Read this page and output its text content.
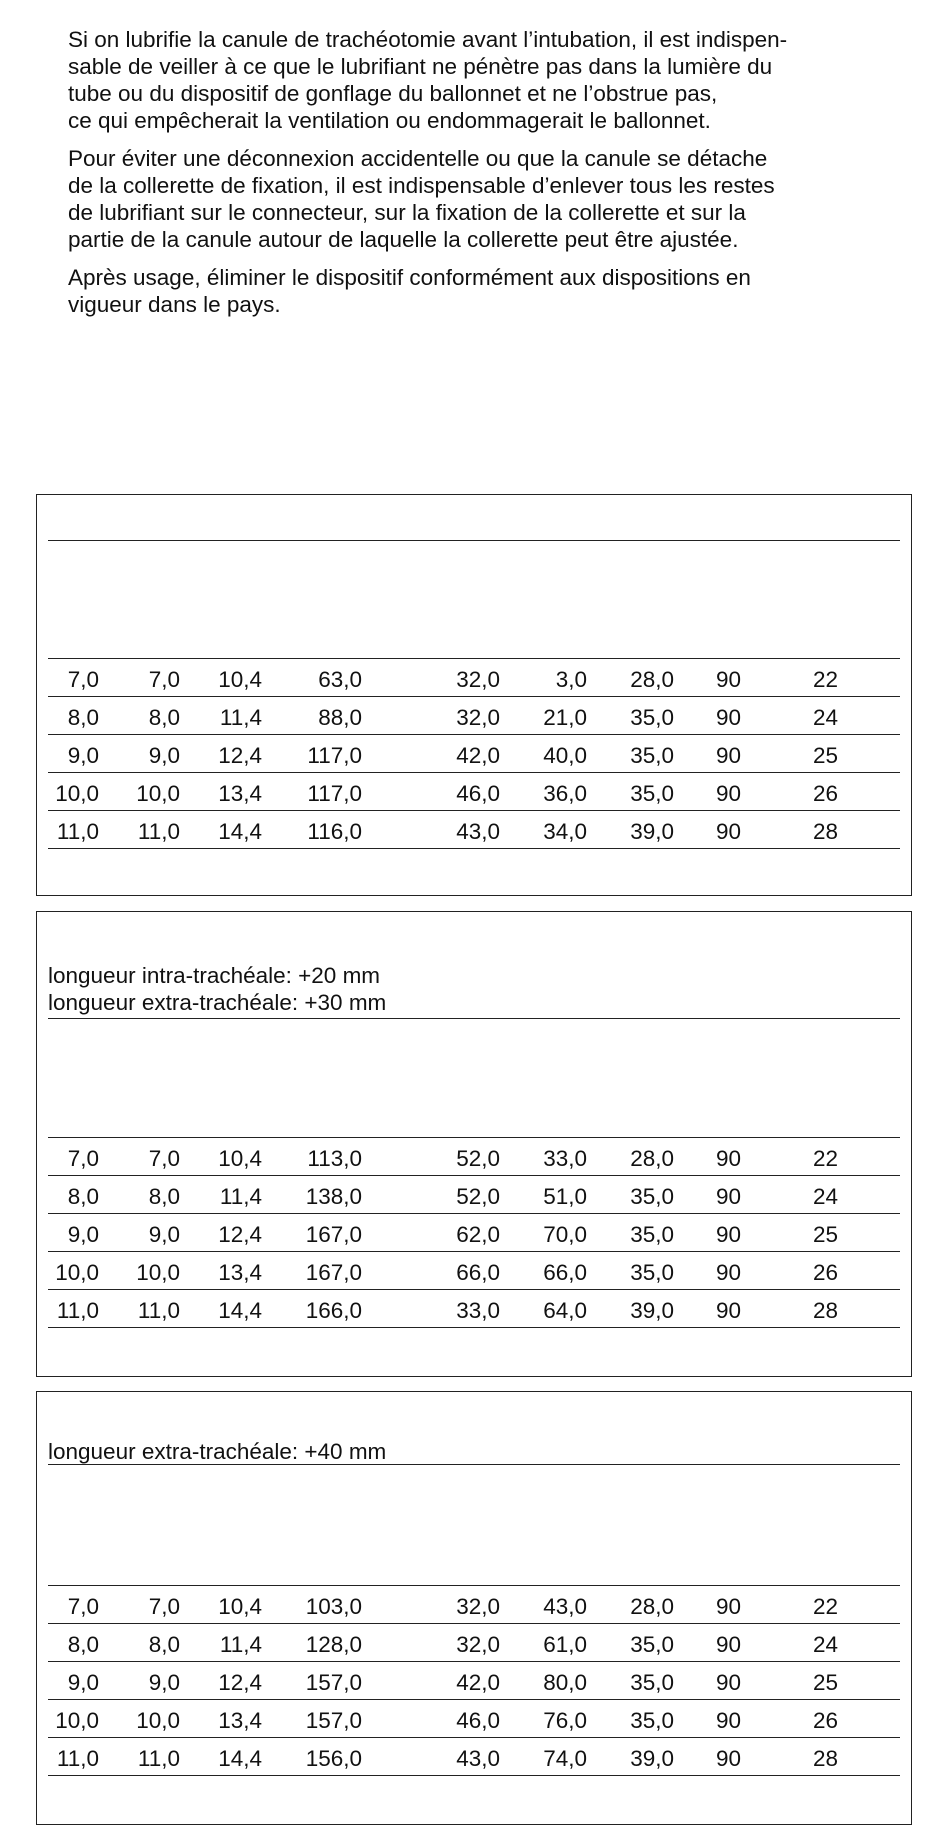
Si on lubrifie la canule de trachéotomie avant l’intubation, il est indispen-
sable de veiller à ce que le lubrifiant ne pénètre pas dans la lumière du
tube ou du dispositif de gonflage du ballonnet et ne l’obstrue pas,
ce qui empêcherait la ventilation ou endommagerait le ballonnet.

Pour éviter une déconnexion accidentelle ou que la canule se détache
de la collerette de fixation, il est indispensable d’enlever tous les restes
de lubrifiant sur le connecteur, sur la fixation de la collerette et sur la
partie de la canule autour de laquelle la collerette peut être ajustée.

Après usage, éliminer le dispositif conformément aux dispositions en
vigueur dans le pays.

7,0 7,0 10,4 63,0	32,0 3,0 28,0 90	22
8,0 8,0 11,4 88,0	32,0 21,0 35,0 90	24
9,0 9,0 12,4 117,0	42,0 40,0 35,0 90	25
10,0 10,0 13,4 117,0	46,0 36,0 35,0 90	26
11,0 11,0 14,4 116,0	43,0 34,0 39,0 90	28
longueur intra-trachéale: +20 mm
longueur extra-trachéale: +30 mm
7,0 7,0 10,4 113,0	52,0 33,0 28,0 90	22
8,0 8,0 11,4 138,0	52,0 51,0 35,0 90	24
9,0 9,0 12,4 167,0	62,0 70,0 35,0 90	25
10,0 10,0 13,4 167,0	66,0 66,0 35,0 90	26
11,0 11,0 14,4 166,0	33,0 64,0 39,0 90	28
longueur extra-trachéale: +40 mm
7,0 7,0 10,4 103,0	32,0 43,0 28,0 90	22
8,0 8,0 11,4 128,0	32,0 61,0 35,0 90	24
9,0 9,0 12,4 157,0	42,0 80,0 35,0 90	25
10,0 10,0 13,4 157,0	46,0 76,0 35,0 90	26
11,0 11,0 14,4 156,0	43,0 74,0 39,0 90	28
